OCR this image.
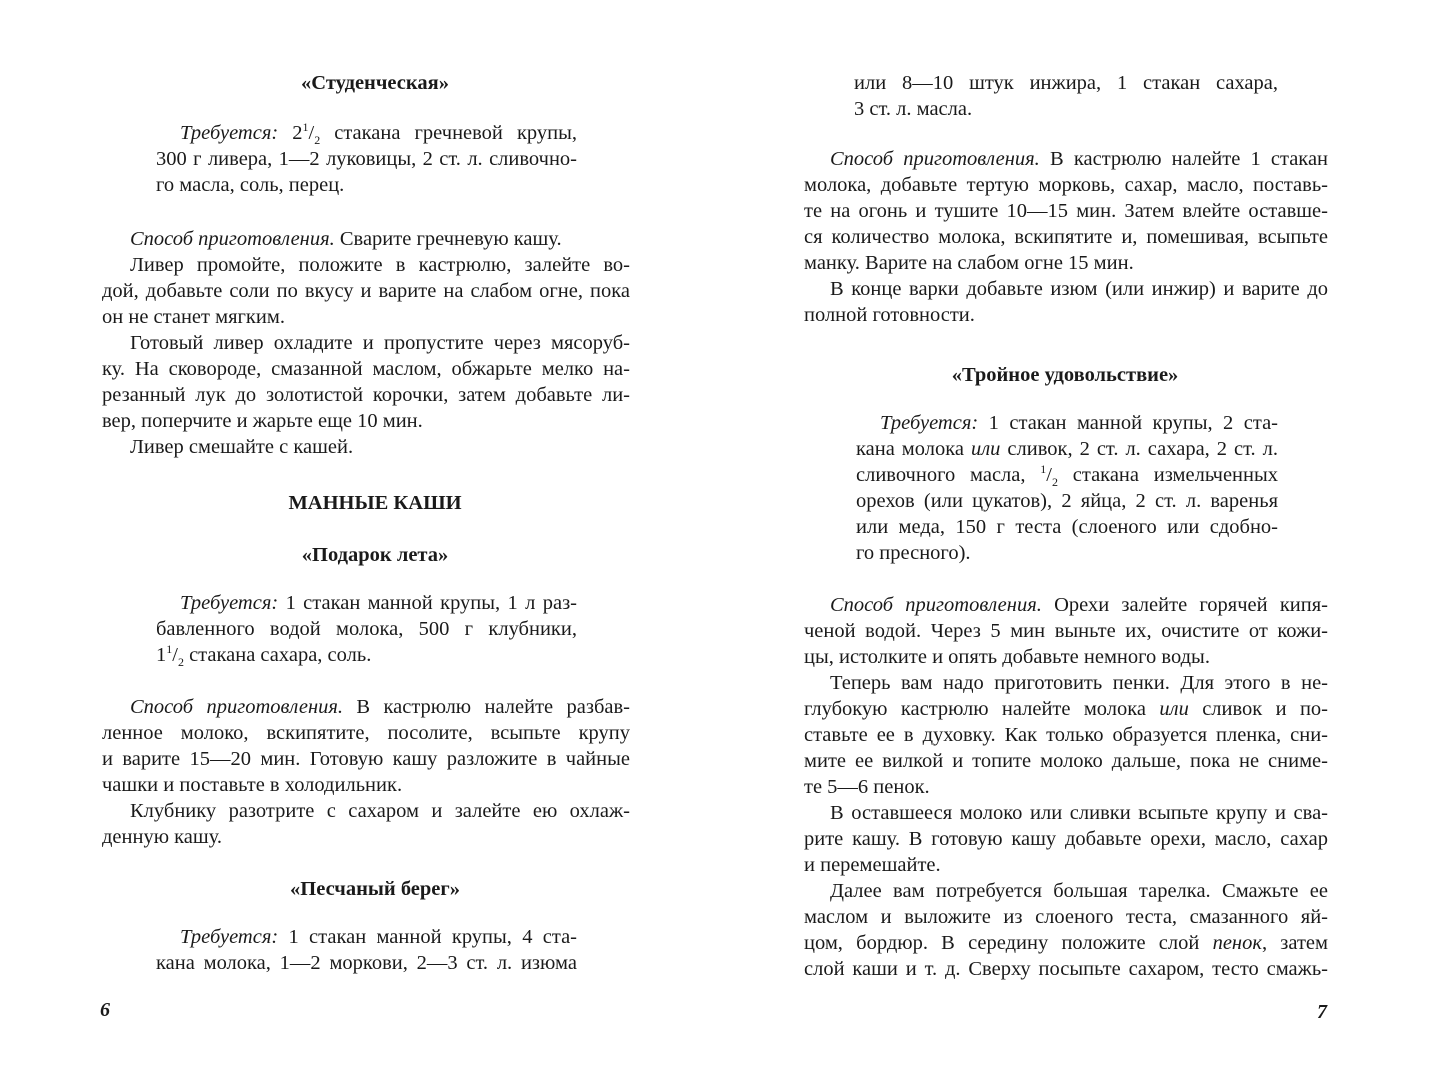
«Студенческая»

Требуется: $2^1/_2$ стакана гречневой крупы,

300 г ливера, 1—2 луковицы, 2 ст. л. сливочно-

го масла, соль, перец.

Способ приготовления. Сварите гречневую кашу.

Ливер промойте, положите в кастрюлю, залейте во-

дой, добавьте соли по вкусу и варите на слабом огне, пока

он не станет мягким.

Готовый ливер охладите и пропустите через мясоруб-

ку. На сковороде, смазанной маслом, обжарьте мелко на-

резанный лук до золотистой корочки, затем добавьте ли-

вер, поперчите и жарьте еще 10 мин.

Ливер смешайте с кашей.

МАННЫЕ КАШИ

«Подарок лета»

Требуется: 1 стакан манной крупы, 1 л раз-

бавленного водой молока, 500 г клубники,

$1^1/_2$ стакана сахара, соль.

Способ приготовления. В кастрюлю налейте разбав-

ленное молоко, вскипятите, посолите, всыпьте крупу

и варите 15—20 мин. Готовую кашу разложите в чайные

чашки и поставьте в холодильник.

Клубнику разотрите с сахаром и залейте ею охлаж-

денную кашу.

«Песчаный берег»

Требуется: 1 стакан манной крупы, 4 ста-

кана молока, 1—2 моркови, 2—3 ст. л. изюма

6

или 8—10 штук инжира, 1 стакан сахара,

3 ст. л. масла.

Способ приготовления. В кастрюлю налейте 1 стакан

молока, добавьте тертую морковь, сахар, масло, поставь-

те на огонь и тушите 10—15 мин. Затем влейте оставше-

ся количество молока, вскипятите и, помешивая, всыпьте

манку. Варите на слабом огне 15 мин.

В конце варки добавьте изюм (или инжир) и варите до

полной готовности.

«Тройное удовольствие»

Требуется: 1 стакан манной крупы, 2 ста-

кана молока или сливок, 2 ст. л. сахара, 2 ст. л.

сливочного масла, $^1/_2$ стакана измельченных

орехов (или цукатов), 2 яйца, 2 ст. л. варенья

или меда, 150 г теста (слоеного или сдобно-

го пресного).

Способ приготовления. Орехи залейте горячей кипя-

ченой водой. Через 5 мин выньте их, очистите от кожи-

цы, истолките и опять добавьте немного воды.

Теперь вам надо приготовить пенки. Для этого в не-

глубокую кастрюлю налейте молока или сливок и по-

ставьте ее в духовку. Как только образуется пленка, сни-

мите ее вилкой и топите молоко дальше, пока не сниме-

те 5—6 пенок.

В оставшееся молоко или сливки всыпьте крупу и сва-

рите кашу. В готовую кашу добавьте орехи, масло, сахар

и перемешайте.

Далее вам потребуется большая тарелка. Смажьте ее

маслом и выложите из слоеного теста, смазанного яй-

цом, бордюр. В середину положите слой пенок, затем

слой каши и т. д. Сверху посыпьте сахаром, тесто смажь-

7
